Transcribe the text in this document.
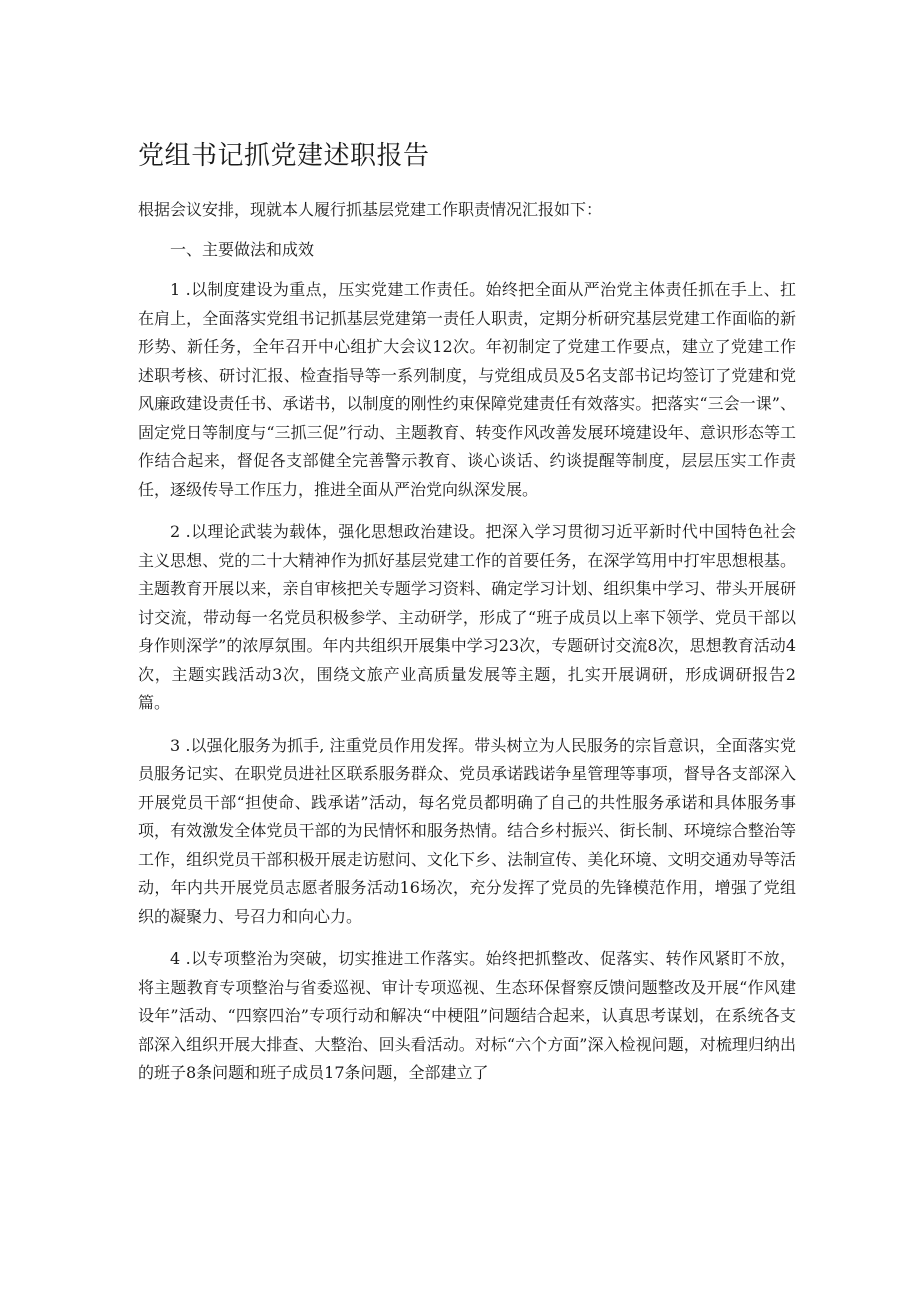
党组书记抓党建述职报告

根据会议安排，现就本人履行抓基层党建工作职责情况汇报如下：

一、主要做法和成效

1 .以制度建设为重点，压实党建工作责任。始终把全面从严治党主体责任抓在手上、扛在肩上，全面落实党组书记抓基层党建第一责任人职责，定期分析研究基层党建工作面临的新形势、新任务，全年召开中心组扩大会议12次。年初制定了党建工作要点，建立了党建工作述职考核、研讨汇报、检查指导等一系列制度，与党组成员及5名支部书记均签订了党建和党风廉政建设责任书、承诺书，以制度的刚性约束保障党建责任有效落实。把落实“三会一课”、固定党日等制度与“三抓三促”行动、主题教育、转变作风改善发展环境建设年、意识形态等工作结合起来，督促各支部健全完善警示教育、谈心谈话、约谈提醒等制度，层层压实工作责任，逐级传导工作压力，推进全面从严治党向纵深发展。

2 .以理论武装为载体，强化思想政治建设。把深入学习贯彻习近平新时代中国特色社会主义思想、党的二十大精神作为抓好基层党建工作的首要任务，在深学笃用中打牢思想根基。主题教育开展以来，亲自审核把关专题学习资料、确定学习计划、组织集中学习、带头开展研讨交流，带动每一名党员积极参学、主动研学，形成了“班子成员以上率下领学、党员干部以身作则深学”的浓厚氛围。年内共组织开展集中学习23次，专题研讨交流8次，思想教育活动4次，主题实践活动3次，围绕文旅产业高质量发展等主题，扎实开展调研，形成调研报告2篇。

3 .以强化服务为抓手, 注重党员作用发挥。带头树立为人民服务的宗旨意识，全面落实党员服务记实、在职党员进社区联系服务群众、党员承诺践诺争星管理等事项，督导各支部深入开展党员干部“担使命、践承诺”活动，每名党员都明确了自己的共性服务承诺和具体服务事项，有效激发全体党员干部的为民情怀和服务热情。结合乡村振兴、街长制、环境综合整治等工作，组织党员干部积极开展走访慰问、文化下乡、法制宣传、美化环境、文明交通劝导等活动，年内共开展党员志愿者服务活动16场次，充分发挥了党员的先锋模范作用，增强了党组织的凝聚力、号召力和向心力。

4 .以专项整治为突破，切实推进工作落实。始终把抓整改、促落实、转作风紧盯不放，将主题教育专项整治与省委巡视、审计专项巡视、生态环保督察反馈问题整改及开展“作风建设年”活动、“四察四治”专项行动和解决“中梗阻”问题结合起来，认真思考谋划，在系统各支部深入组织开展大排查、大整治、回头看活动。对标“六个方面”深入检视问题，对梳理归纳出的班子8条问题和班子成员17条问题，全部建立了
